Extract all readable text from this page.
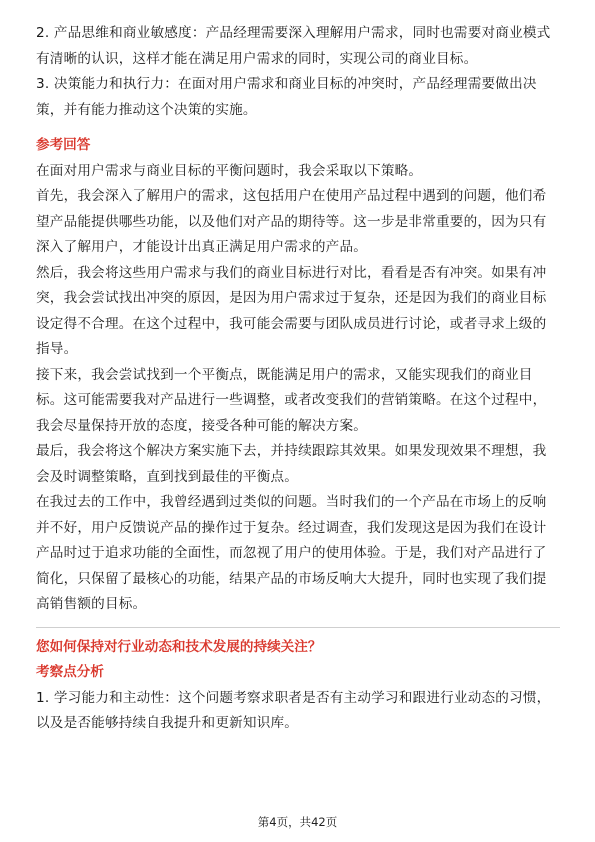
2. 产品思维和商业敏感度：产品经理需要深入理解用户需求，同时也需要对商业模式有清晰的认识，这样才能在满足用户需求的同时，实现公司的商业目标。

3. 决策能力和执行力：在面对用户需求和商业目标的冲突时，产品经理需要做出决策，并有能力推动这个决策的实施。

参考回答

在面对用户需求与商业目标的平衡问题时，我会采取以下策略。

首先，我会深入了解用户的需求，这包括用户在使用产品过程中遇到的问题，他们希望产品能提供哪些功能，以及他们对产品的期待等。这一步是非常重要的，因为只有深入了解用户，才能设计出真正满足用户需求的产品。

然后，我会将这些用户需求与我们的商业目标进行对比，看看是否有冲突。如果有冲突，我会尝试找出冲突的原因，是因为用户需求过于复杂，还是因为我们的商业目标设定得不合理。在这个过程中，我可能会需要与团队成员进行讨论，或者寻求上级的指导。

接下来，我会尝试找到一个平衡点，既能满足用户的需求，又能实现我们的商业目标。这可能需要我对产品进行一些调整，或者改变我们的营销策略。在这个过程中，我会尽量保持开放的态度，接受各种可能的解决方案。

最后，我会将这个解决方案实施下去，并持续跟踪其效果。如果发现效果不理想，我会及时调整策略，直到找到最佳的平衡点。

在我过去的工作中，我曾经遇到过类似的问题。当时我们的一个产品在市场上的反响并不好，用户反馈说产品的操作过于复杂。经过调查，我们发现这是因为我们在设计产品时过于追求功能的全面性，而忽视了用户的使用体验。于是，我们对产品进行了简化，只保留了最核心的功能，结果产品的市场反响大大提升，同时也实现了我们提高销售额的目标。

您如何保持对行业动态和技术发展的持续关注？

考察点分析

1. 学习能力和主动性：这个问题考察求职者是否有主动学习和跟进行业动态的习惯，以及是否能够持续自我提升和更新知识库。

第4页，共42页
